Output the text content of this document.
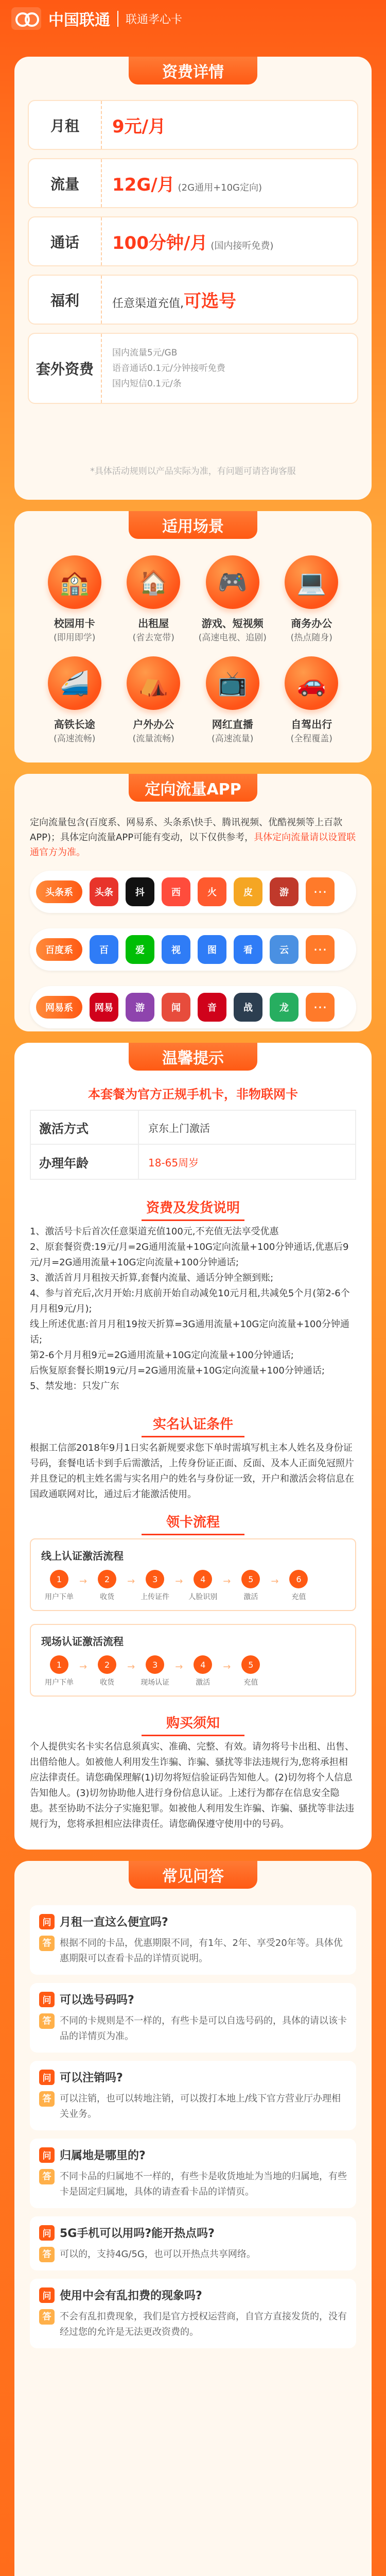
中国联通	联通孝心卡
资费详情
月租	9元/月
流量	12G/月 (2G通用+10G定向)
通话	100分钟/月 (国内接听免费)
福利	任意渠道充值,可选号
套外资费
国内流量5元/GB
语音通话0.1元/分钟接听免费
国内短信0.1元/条
*具体活动规则以产品实际为准，有问题可请咨询客服
适用场景
🏫
校园用卡
(即用即学)
🏠
出租屋
(省去宽带)
🎮
游戏、短视频
(高速电视、追剧)
💻
商务办公
(热点随身)
🚄
高铁长途
(高速流畅)
⛺
户外办公
(流量流畅)
📺
网红直播
(高速流量)
🚗
自驾出行
(全程覆盖)
定向流量APP
定向流量包含(百度系、网易系、头条系\快手、腾讯视频、优酷视频等上百款APP)；具体定向流量APP可能有变动，以下仅供参考，具体定向流量请以设置联通官方为准。
头条系	头条	抖	西	火	皮	游	···
百度系	百	爱	视	图	看	云	···
网易系	网易	游	闻	音	战	龙	···
温馨提示
本套餐为官方正规手机卡，非物联网卡
激活方式	京东上门激活
办理年龄	18-65周岁
资费及发货说明
1、激活号卡后首次任意渠道充值100元,不充值无法享受优惠
2、原套餐资费:19元/月=2G通用流量+10G定向流量+100分钟通话,优惠后9元/月=2G通用流量+10G定向流量+100分钟通话;
3、激活首月月租按天折算,套餐内流量、通话分钟全额到账;
4、参与首充后,次月开始:月底前开始自动减免10元月租,共减免5个月(第2-6个月月租9元/月);
线上所述优惠:首月月租19按天折算=3G通用流量+10G定向流量+100分钟通话;
第2-6个月月租9元=2G通用流量+10G定向流量+100分钟通话;
后恢复原套餐长期19元/月=2G通用流量+10G定向流量+100分钟通话;
5、禁发地：只发广东
实名认证条件
根据工信部2018年9月1日实名新规要求您下单时需填写机主本人姓名及身份证号码，套餐电话卡到手后需激活，上传身份证正面、反面、及本人正面免冠照片并且登记的机主姓名需与实名用户的姓名与身份证一致，开户和激活会将信息在国政通联网对比，通过后才能激活使用。
领卡流程
线上认证激活流程
1
用户下单
→	2
收货
→	3
上传证件
→	4
人脸识别
→	5
激活
→	6
充值
现场认证激活流程
1
用户下单
→	2
收货
→	3
现场认证
→	4
激活
→	5
充值
购买须知
个人提供实名卡实名信息须真实、准确、完整、有效。请勿将号卡出租、出售、出借给他人。如被他人利用发生诈骗、诈骗、骚扰等非法违规行为,您将承担相应法律责任。请您确保理解(1)切勿将短信验证码告知他人。(2)切勿将个人信息告知他人。(3)切勿协助他人进行身份信息认证。上述行为都存在信息安全隐患。甚至协助不法分子实施犯罪。如被他人利用发生诈骗、诈骗、骚扰等非法违规行为，您将承担相应法律责任。请您确保遵守使用中的号码。
常见问答
问 月租一直这么便宜吗?
答 根据不同的卡品，优惠期限不同，有1年、2年、享受20年等。具体优惠期限可以查看卡品的详情页说明。
问 可以选号码吗?
答 不同的卡规则是不一样的，有些卡是可以自选号码的，具体的请以该卡品的详情页为准。
问 可以注销吗?
答 可以注销，也可以转地注销，可以拨打本地上/线下官方营业厅办理相关业务。
问 归属地是哪里的?
答 不同卡品的归属地不一样的，有些卡是收货地址为当地的归属地，有些卡是固定归属地，具体的请查看卡品的详情页。
问 5G手机可以用吗?能开热点吗?
答 可以的，支持4G/5G，也可以开热点共享网络。
问 使用中会有乱扣费的现象吗?
答 不会有乱扣费现象，我们是官方授权运营商，自官方直接发货的，没有经过您的允许是无法更改资费的。
